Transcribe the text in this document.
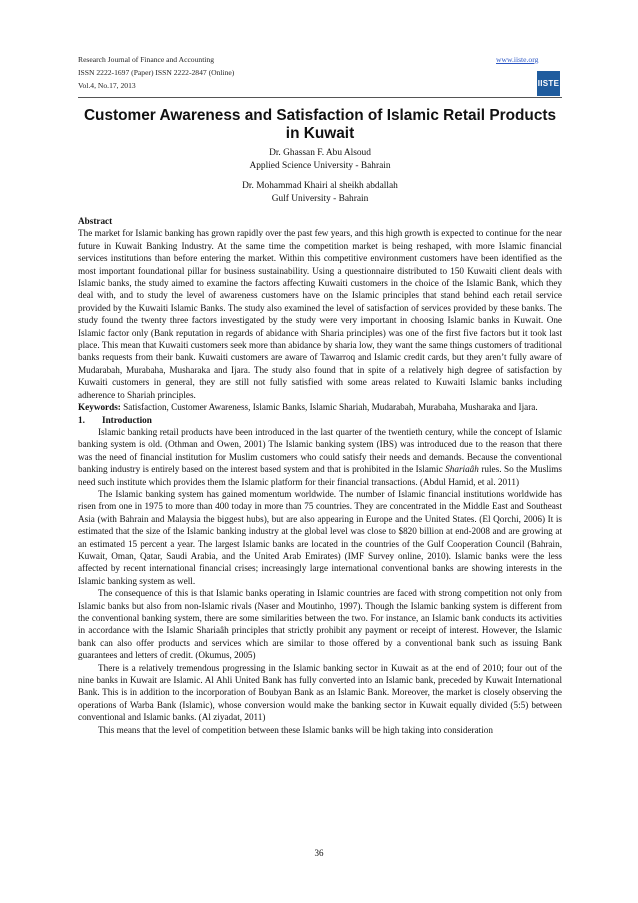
Research Journal of Finance and Accounting
ISSN 2222-1697 (Paper) ISSN 2222-2847 (Online)
Vol.4, No.17, 2013
www.iiste.org
IISTE
Customer Awareness and Satisfaction of Islamic Retail Products in Kuwait
Dr. Ghassan F. Abu Alsoud
Applied Science University - Bahrain
Dr. Mohammad Khairi al sheikh abdallah
Gulf University - Bahrain

Abstract

The market for Islamic banking has grown rapidly over the past few years, and this high growth is expected to continue for the near future in Kuwait Banking Industry. At the same time the competition market is being reshaped, with more Islamic financial services institutions than before entering the market. Within this competitive environment customers have been identified as the most important foundational pillar for business sustainability. Using a questionnaire distributed to 150 Kuwaiti client deals with Islamic banks, the study aimed to examine the factors affecting Kuwaiti customers in the choice of the Islamic Bank, which they deal with, and to study the level of awareness customers have on the Islamic principles that stand behind each retail service provided by the Kuwaiti Islamic Banks. The study also examined the level of satisfaction of services provided by these banks. The study found the twenty three factors investigated by the study were very important in choosing Islamic banks in Kuwait. One Islamic factor only (Bank reputation in regards of abidance with Sharia principles) was one of the first five factors but it took last place. This mean that Kuwaiti customers seek more than abidance by sharia low, they want the same things customers of traditional banks requests from their bank. Kuwaiti customers are aware of Tawarroq and Islamic credit cards, but they aren’t fully aware of Mudarabah, Murabaha, Musharaka and Ijara. The study also found that in spite of a relatively high degree of satisfaction by Kuwaiti customers in general, they are still not fully satisfied with some areas related to Kuwaiti Islamic banks including adherence to Shariah principles.

Keywords: Satisfaction, Customer Awareness, Islamic Banks, Islamic Shariah, Mudarabah, Murabaha, Musharaka and Ijara.

1. Introduction

Islamic banking retail products have been introduced in the last quarter of the twentieth century, while the concept of Islamic banking system is old. (Othman and Owen, 2001) The Islamic banking system (IBS) was introduced due to the reason that there was the need of financial institution for Muslim customers who could satisfy their needs and demands. Because the conventional banking industry is entirely based on the interest based system and that is prohibited in the Islamic Shariaâh rules. So the Muslims need such institute which provides them the Islamic platform for their financial transactions. (Abdul Hamid, et al. 2011)

The Islamic banking system has gained momentum worldwide. The number of Islamic financial institutions worldwide has risen from one in 1975 to more than 400 today in more than 75 countries. They are concentrated in the Middle East and Southeast Asia (with Bahrain and Malaysia the biggest hubs), but are also appearing in Europe and the United States. (El Qorchi, 2006) It is estimated that the size of the Islamic banking industry at the global level was close to $820 billion at end-2008 and are growing at an estimated 15 percent a year. The largest Islamic banks are located in the countries of the Gulf Cooperation Council (Bahrain, Kuwait, Oman, Qatar, Saudi Arabia, and the United Arab Emirates) (IMF Survey online, 2010). Islamic banks were the less affected by recent international financial crises; increasingly large international conventional banks are showing interests in the Islamic banking system as well.

The consequence of this is that Islamic banks operating in Islamic countries are faced with strong competition not only from Islamic banks but also from non-Islamic rivals (Naser and Moutinho, 1997). Though the Islamic banking system is different from the conventional banking system, there are some similarities between the two. For instance, an Islamic bank conducts its activities in accordance with the Islamic Shariaâh principles that strictly prohibit any payment or receipt of interest. However, the Islamic bank can also offer products and services which are similar to those offered by a conventional bank such as issuing Bank guarantees and letters of credit. (Okumus, 2005)

There is a relatively tremendous progressing in the Islamic banking sector in Kuwait as at the end of 2010; four out of the nine banks in Kuwait are Islamic. Al Ahli United Bank has fully converted into an Islamic bank, preceded by Kuwait International Bank. This is in addition to the incorporation of Boubyan Bank as an Islamic Bank. Moreover, the market is closely observing the operations of Warba Bank (Islamic), whose conversion would make the banking sector in Kuwait equally divided (5:5) between conventional and Islamic banks. (Al ziyadat, 2011)

This means that the level of competition between these Islamic banks will be high taking into consideration

36
